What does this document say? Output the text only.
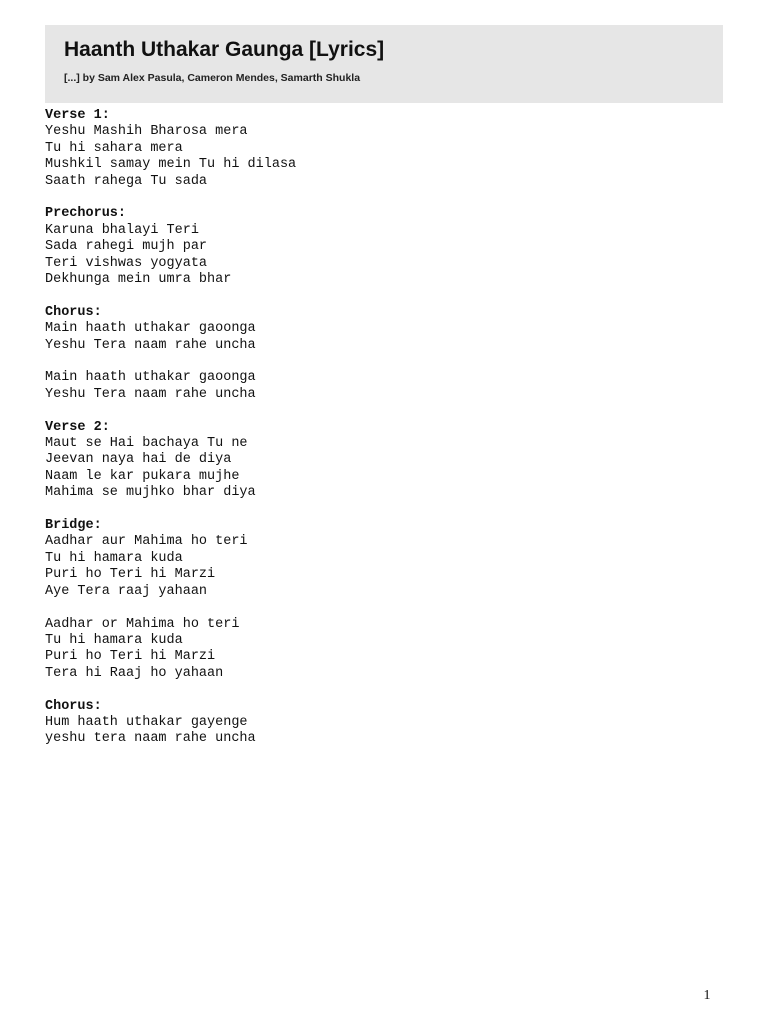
Haanth Uthakar Gaunga [Lyrics]
[...] by Sam Alex Pasula, Cameron Mendes, Samarth Shukla
Verse 1:
Yeshu Mashih Bharosa mera
Tu hi sahara mera
Mushkil samay mein Tu hi dilasa
Saath rahega Tu sada
Prechorus:
Karuna bhalayi Teri
Sada rahegi mujh par
Teri vishwas yogyata
Dekhunga mein umra bhar
Chorus:
Main haath uthakar gaoonga
Yeshu Tera naam rahe uncha
Main haath uthakar gaoonga
Yeshu Tera naam rahe uncha
Verse 2:
Maut se Hai bachaya Tu ne
Jeevan naya hai de diya
Naam le kar pukara mujhe
Mahima se mujhko bhar diya
Bridge:
Aadhar aur Mahima ho teri
Tu hi hamara kuda
Puri ho Teri hi Marzi
Aye Tera raaj yahaan
Aadhar or Mahima ho teri
Tu hi hamara kuda
Puri ho Teri hi Marzi
Tera hi Raaj ho yahaan
Chorus:
Hum haath uthakar gayenge
yeshu tera naam rahe uncha
1
